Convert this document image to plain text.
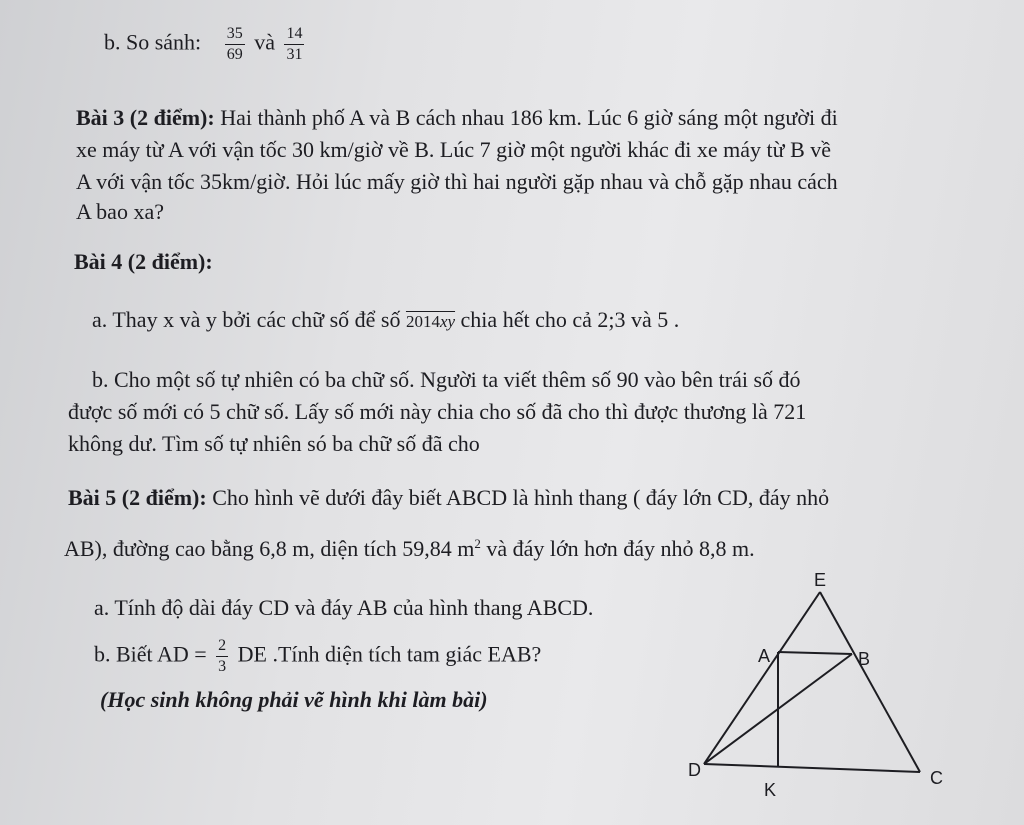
b. So sánh: $\frac{35}{69}$ và $\frac{14}{31}$
Bài 3 (2 điểm): Hai thành phố A và B cách nhau 186 km. Lúc 6 giờ sáng một người đi
xe máy từ A với vận tốc 30 km/giờ về B. Lúc 7 giờ một người khác đi xe máy từ B về
A với vận tốc 35km/giờ. Hỏi lúc mấy giờ thì hai người gặp nhau và chỗ gặp nhau cách
A bao xa?
Bài 4 (2 điểm):
a. Thay x và y bởi các chữ số để số 2014xy chia hết cho cả 2;3 và 5 .
b. Cho một số tự nhiên có ba chữ số. Người ta viết thêm số 90 vào bên trái số đó
được số mới có 5 chữ số. Lấy số mới này chia cho số đã cho thì được thương là 721
không dư. Tìm số tự nhiên só ba chữ số đã cho
Bài 5 (2 điểm): Cho hình vẽ dưới đây biết ABCD là hình thang ( đáy lớn CD, đáy nhỏ
AB), đường cao bằng 6,8 m, diện tích 59,84 $m^2$ và đáy lớn hơn đáy nhỏ 8,8 m.
a. Tính độ dài đáy CD và đáy AB của hình thang ABCD.
b. Biết AD = $\frac{2}{3}$ DE .Tính diện tích tam giác EAB?
(Học sinh không phải vẽ hình khi làm bài)
E
A	B
D	C
K
